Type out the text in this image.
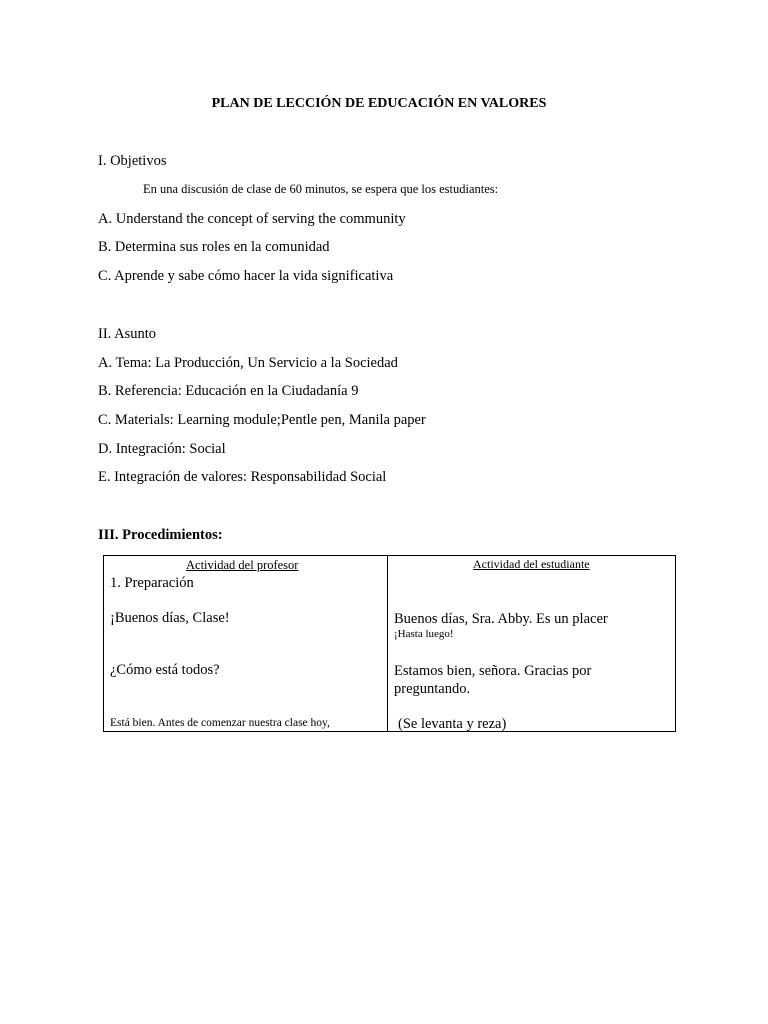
PLAN DE LECCIÓN DE EDUCACIÓN EN VALORES
I. Objetivos
En una discusión de clase de 60 minutos, se espera que los estudiantes:
A. Understand the concept of serving the community
B. Determina sus roles en la comunidad
C. Aprende y sabe cómo hacer la vida significativa
II. Asunto
A. Tema: La Producción, Un Servicio a la Sociedad
B. Referencia: Educación en la Ciudadanía 9
C. Materials: Learning module;Pentle pen, Manila paper
D. Integración: Social
E. Integración de valores: Responsabilidad Social
III. Procedimientos:
Actividad del profesor
1. Preparación
¡Buenos días, Clase!
¿Cómo está todos?
Está bien. Antes de comenzar nuestra clase hoy,
Actividad del estudiante
Buenos días, Sra. Abby. Es un placer
¡Hasta luego!
Estamos bien, señora. Gracias por preguntando.
(Se levanta y reza)
